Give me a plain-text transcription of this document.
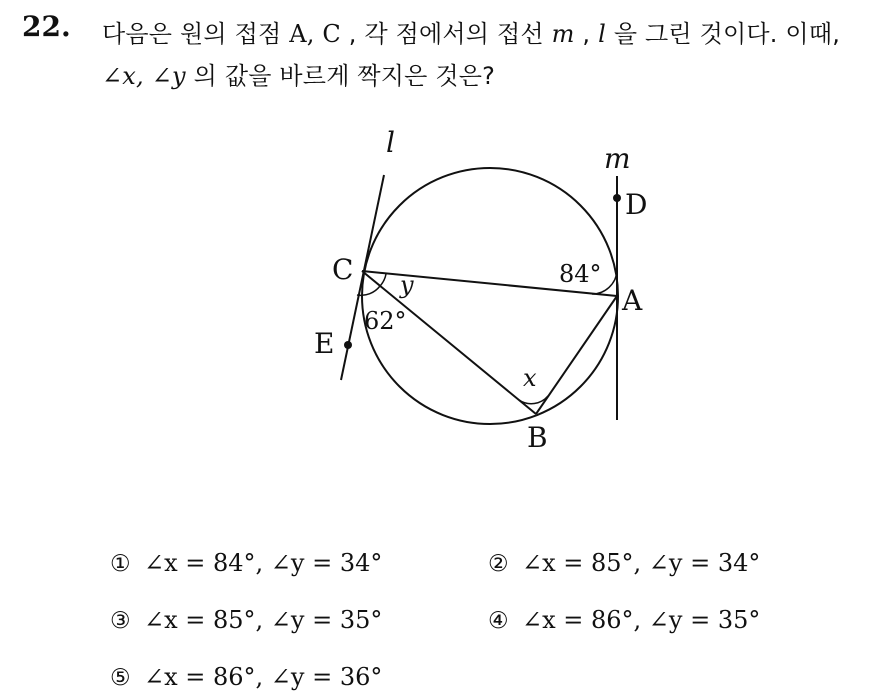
22. 다음은 원의 접점 A, C , 각 점에서의 접선 m , l 을 그린 것이다. 이때,
∠x, ∠y 의 값을 바르게 짝지은 것은?
l	m
D
C
A
E
B
84°
62°
y
x
① ∠x = 84°, ∠y = 34°	② ∠x = 85°, ∠y = 34°
③ ∠x = 85°, ∠y = 35°	④ ∠x = 86°, ∠y = 35°
⑤ ∠x = 86°, ∠y = 36°
